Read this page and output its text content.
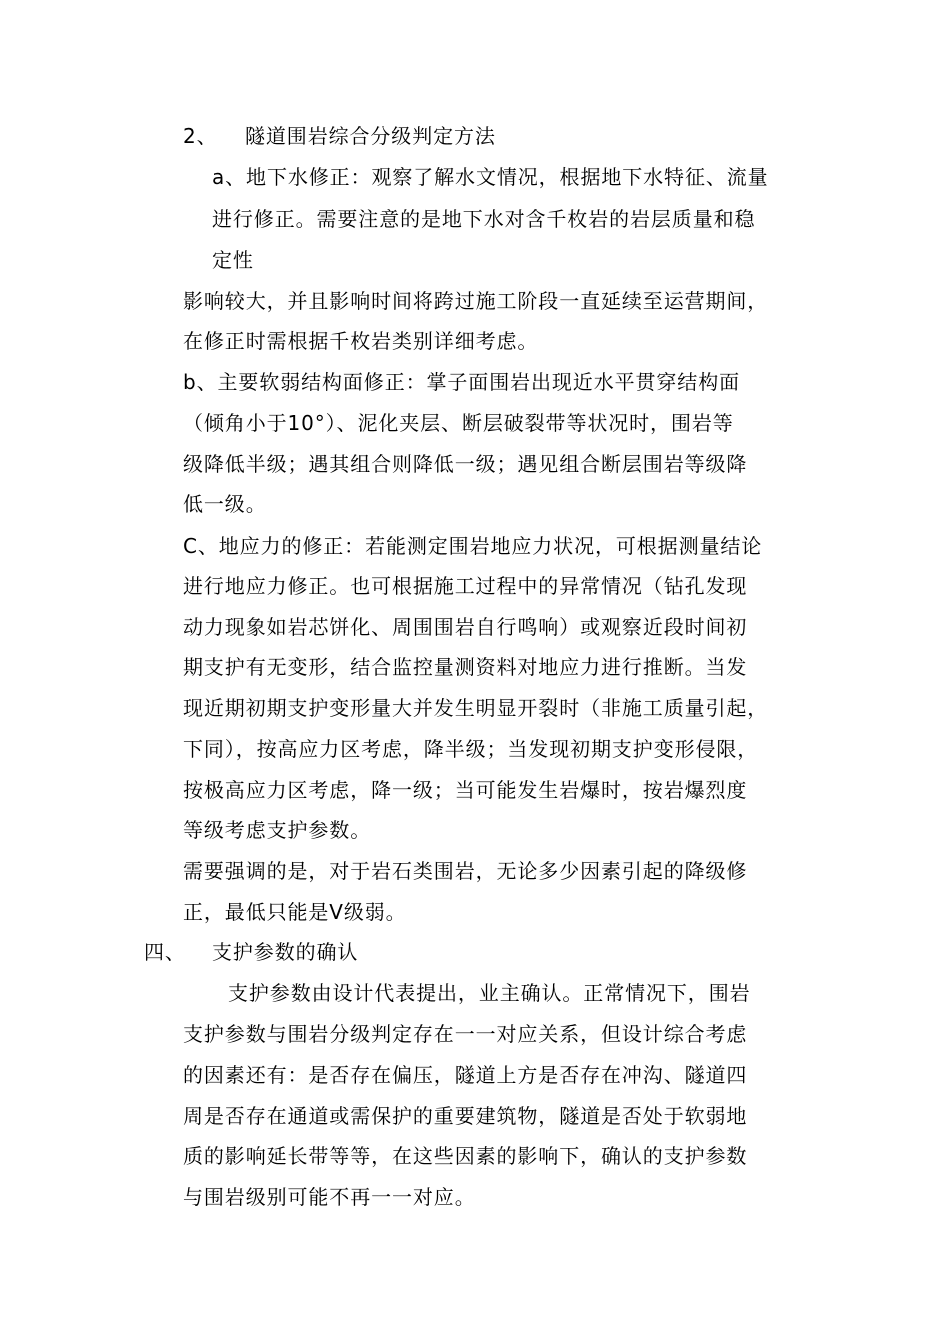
2、 隧道围岩综合分级判定方法
a、地下水修正：观察了解水文情况，根据地下水特征、流量
进行修正。需要注意的是地下水对含千枚岩的岩层质量和稳
定性
影响较大，并且影响时间将跨过施工阶段一直延续至运营期间，
在修正时需根据千枚岩类别详细考虑。
b、主要软弱结构面修正：掌子面围岩出现近水平贯穿结构面
（倾角小于10°）、泥化夹层、断层破裂带等状况时，围岩等
级降低半级；遇其组合则降低一级；遇见组合断层围岩等级降
低一级。
C、地应力的修正：若能测定围岩地应力状况，可根据测量结论
进行地应力修正。也可根据施工过程中的异常情况（钻孔发现
动力现象如岩芯饼化、周围围岩自行鸣响）或观察近段时间初
期支护有无变形，结合监控量测资料对地应力进行推断。当发
现近期初期支护变形量大并发生明显开裂时（非施工质量引起，
下同），按高应力区考虑，降半级；当发现初期支护变形侵限，
按极高应力区考虑，降一级；当可能发生岩爆时，按岩爆烈度
等级考虑支护参数。
需要强调的是，对于岩石类围岩，无论多少因素引起的降级修
正，最低只能是Ⅴ级弱。
四、 支护参数的确认
支护参数由设计代表提出，业主确认。正常情况下，围岩
支护参数与围岩分级判定存在一一对应关系，但设计综合考虑
的因素还有：是否存在偏压，隧道上方是否存在冲沟、隧道四
周是否存在通道或需保护的重要建筑物，隧道是否处于软弱地
质的影响延长带等等，在这些因素的影响下，确认的支护参数
与围岩级别可能不再一一对应。
